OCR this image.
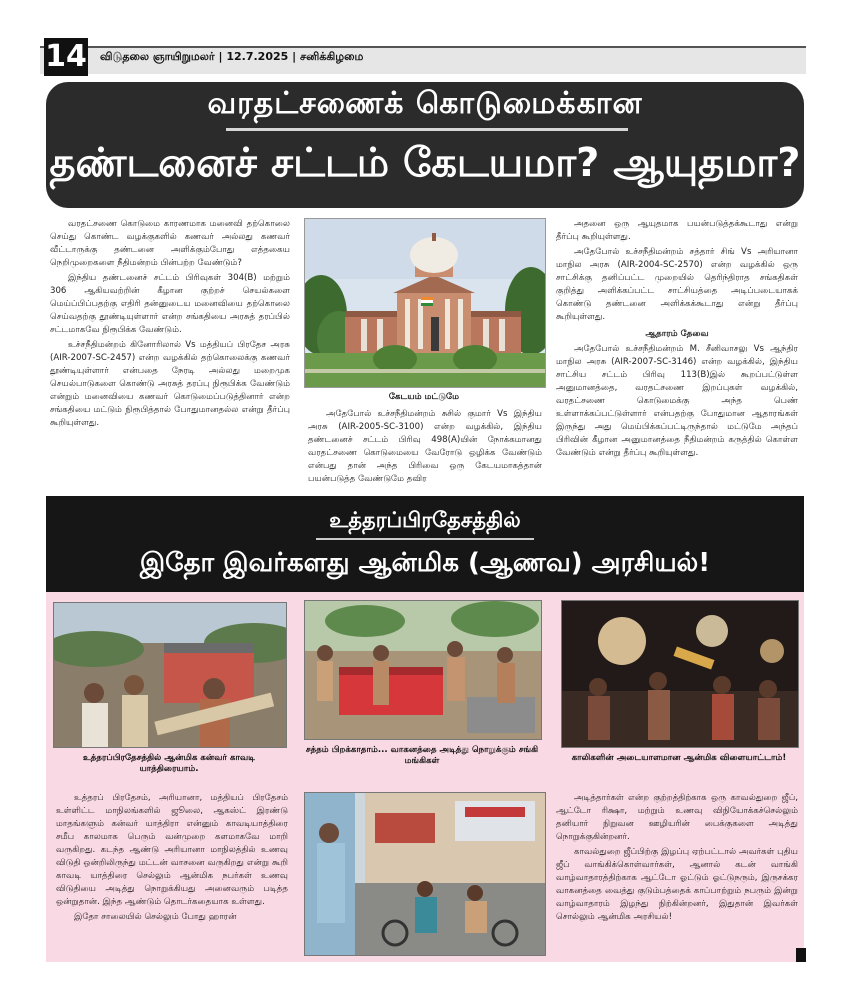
14 விடுதலை ஞாயிறுமலர் | 12.7.2025 | சனிக்கிழமை
வரதட்சணைக் கொடுமைக்கான
தண்டனைச் சட்டம் கேடயமா? ஆயுதமா?

வரதட்சணை கொடுமை காரணமாக மனைவி தற்கொலை செய்து கொண்ட வழக்குகளில் கணவர் அல்லது கணவர் வீட்டாருக்கு தண்டனை அளிக்கும்போது எத்தகைய நெறிமுறைகளை நீதிமன்றம் பின்பற்ற வேண்டும்?

இந்திய தண்டனைச் சட்டம் பிரிவுகள் 304(B) மற்றும் 306 ஆகியவற்றின் கீழான குற்றச் செயல்களை மெய்ப்பிப்பதற்கு எதிரி தன்னுடைய மனைவியை தற்கொலை செய்வதற்கு தூண்டியுள்ளார் என்ற சங்கதியை அரசுத் தரப்பில் சட்டமாகவே நிரூபிக்க வேண்டும்.

உச்சநீதிமன்றம் கினோரிலால் Vs மத்தியப் பிரதேச அரசு (AIR-2007-SC-2457) என்ற வழக்கில் தற்கொலைக்கு கணவர் தூண்டியுள்ளார் என்பதை நேரடி அல்லது மறைமுக செயல்பாடுகளை கொண்டு அரசுத் தரப்பு நிரூபிக்க வேண்டும் என்றும் மனைவியை கணவர் கொடுமைப்படுத்தினார் என்ற சங்கதியை மட்டும் நிரூபித்தால் போதுமானதல்ல என்று தீர்ப்பு கூறியுள்ளது.

கேடயம் மட்டுமே

அதேபோல் உச்சநீதிமன்றம் சுசில் குமார் Vs இந்திய அரசு (AIR-2005-SC-3100) என்ற வழக்கில், இந்திய தண்டனைச் சட்டம் பிரிவு 498(A)யின் நோக்கமானது வரதட்சணை கொடுமையை வேரோடு ஒழிக்க வேண்டும் என்பது தான் அந்த பிரிவை ஒரு கேடயமாகத்தான் பயன்படுத்த வேண்டுமே தவிர

அதனை ஒரு ஆயுதமாக பயன்படுத்தக்கூடாது என்று தீர்ப்பு கூறியுள்ளது.

அதேபோல் உச்சநீதிமன்றம் சத்தார் சிங் Vs அரியானா மாநில அரசு (AIR-2004-SC-2570) என்ற வழக்கில் ஒரு சாட்சிக்கு தனிப்பட்ட முறையில் தெரிந்திராத சங்கதிகள் குறித்து அளிக்கப்பட்ட சாட்சியத்தை அடிப்படையாகக் கொண்டு தண்டனை அளிக்கக்கூடாது என்று தீர்ப்பு கூறியுள்ளது.

ஆதாரம் தேவை

அதேபோல் உச்சநீதிமன்றம் M. சீனிவாசலு Vs ஆந்திர மாநில அரசு (AIR-2007-SC-3146) என்ற வழக்கில், இந்திய சாட்சிய சட்டம் பிரிவு 113(B)இல் கூறப்பட்டுள்ள அனுமானத்தை, வரதட்சணை இறப்புகள் வழக்கில், வரதட்சணை கொடுமைக்கு அந்த பெண் உள்ளாக்கப்பட்டுள்ளார் என்பதற்கு போதுமான ஆதாரங்கள் இருந்து அது மெய்பிக்கப்பட்டிருந்தால் மட்டுமே அந்தப் பிரிவின் கீழான அனுமானத்தை நீதிமன்றம் கருத்தில் கொள்ள வேண்டும் என்று தீர்ப்பு கூறியுள்ளது.

உத்தரப்பிரதேசத்தில்
இதோ இவர்களது ஆன்மிக (ஆணவ) அரசியல்!
உத்தரப்பிரதேசத்தில் ஆன்மிக கன்வர் காவடி யாத்திரையாம்.
சத்தம் பிறக்காதாம்... வாகனத்தை அடித்து நொறுக்கும் சங்கி மங்கிகள்	காலிகளின் அடையாளமான ஆன்மிக விளையாட்டாம்!

உத்தரப் பிரதேசம், அரியானா, மத்தியப் பிரதேசம் உள்ளிட்ட மாநிலங்களில் ஜூலை, ஆகஸ்ட் இரண்டு மாதங்களும் கன்வர் யாத்திரா என்னும் காவடியாத்திரை சமீப காலமாக பெரும் வன்முறை களமாகவே மாறி வருகிறது. கடந்த ஆண்டு அரியானா மாநிலத்தில் உணவு விடுதி ஒன்றிலிருந்து மட்டன் வாசனை வருகிறது என்று கூறி காவடி யாத்திரை செல்லும் ஆன்மிக நபர்கள் உணவு விடுதியை அடித்து நொறுக்கியது அனைவரும் படித்த ஒன்றுதான். இந்த ஆண்டும் தொடர்கதையாக உள்ளது.

இதோ சாலையில் செல்லும் போது ஹாரன்

அடித்தார்கள் என்ற குற்றத்திற்காக ஒரு காவல்துறை ஜீப், ஆட்டோ ரிக்ஷா, மற்றும் உணவு விநியோக்கச்செல்லும் தனியார் நிறுவன ஊழியரின் பைக்குகளை அடித்து நொறுக்குகின்றனர்.

காவல்துறை ஜீப்பிற்கு இழப்பு ஏற்பட்டால் அவர்கள் புதிய ஜீப் வாங்கிக்கொள்வார்கள், ஆனால் கடன் வாங்கி வாழ்வாதாரத்திற்காக ஆட்டோ ஓட்டும் ஓட்டுநரும், இருசக்கர வாகனத்தை வைத்து குடும்பத்தைக் காப்பாற்றும் நபரும் இன்று வாழ்வாதாரம் இழந்து நிற்கின்றனர், இதுதான் இவர்கள் சொல்லும் ஆன்மிக அரசியல்!
